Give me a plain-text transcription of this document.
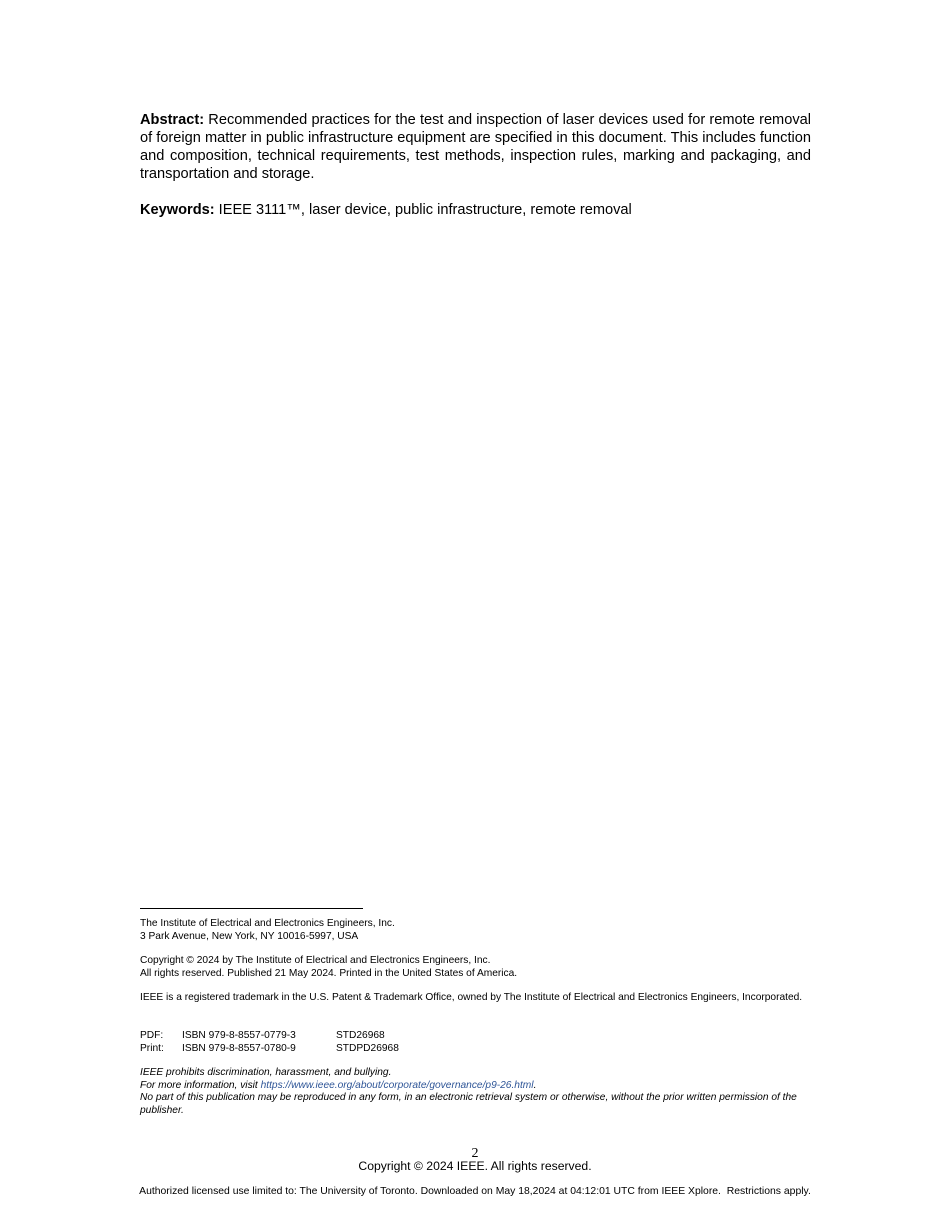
Abstract: Recommended practices for the test and inspection of laser devices used for remote removal of foreign matter in public infrastructure equipment are specified in this document. This includes function and composition, technical requirements, test methods, inspection rules, marking and packaging, and transportation and storage.

Keywords: IEEE 3111™, laser device, public infrastructure, remote removal

The Institute of Electrical and Electronics Engineers, Inc.
3 Park Avenue, New York, NY 10016-5997, USA
Copyright © 2024 by The Institute of Electrical and Electronics Engineers, Inc.
All rights reserved. Published 21 May 2024. Printed in the United States of America.
IEEE is a registered trademark in the U.S. Patent & Trademark Office, owned by The Institute of Electrical and Electronics Engineers, Incorporated.
PDF:	ISBN 979-8-8557-0779-3	STD26968
Print:	ISBN 979-8-8557-0780-9	STDPD26968
IEEE prohibits discrimination, harassment, and bullying.
For more information, visit https://www.ieee.org/about/corporate/governance/p9-26.html.
No part of this publication may be reproduced in any form, in an electronic retrieval system or otherwise, without the prior written permission of the publisher.
2
Copyright © 2024 IEEE. All rights reserved.
Authorized licensed use limited to: The University of Toronto. Downloaded on May 18,2024 at 04:12:01 UTC from IEEE Xplore.  Restrictions apply.
